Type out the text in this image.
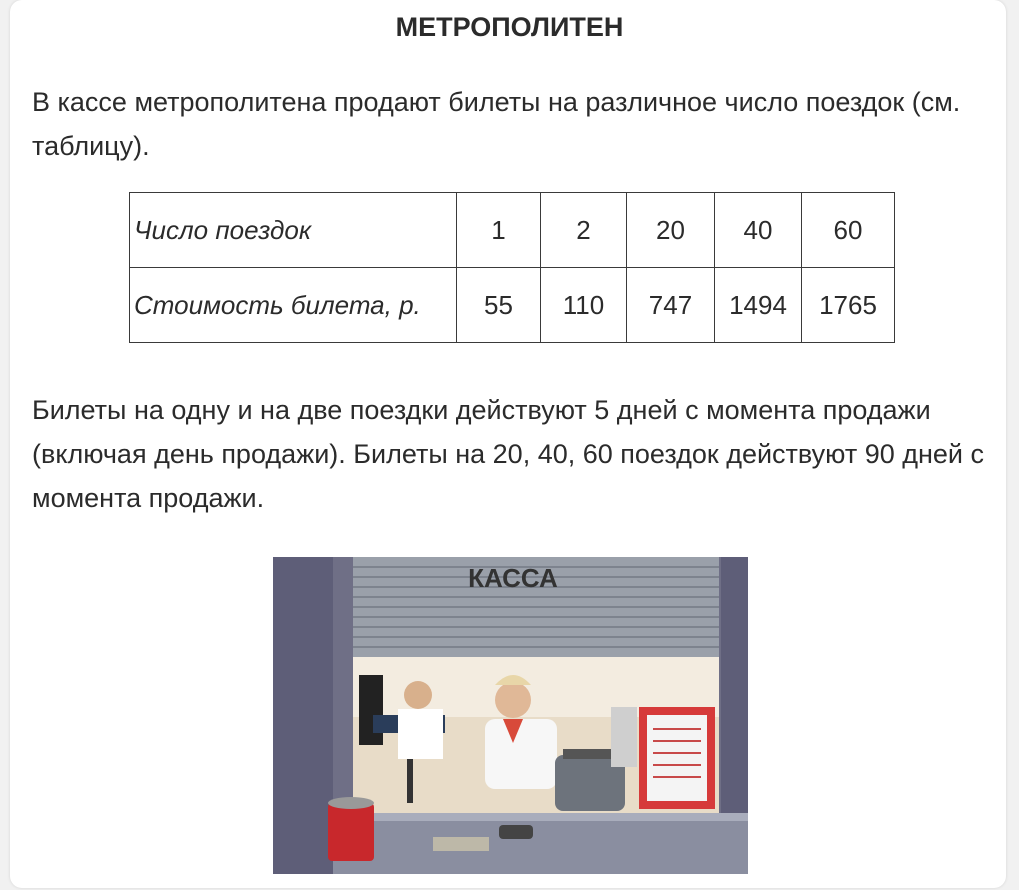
МЕТРОПОЛИТЕН
В кассе метрополитена продают билеты на различное число поездок (см. таблицу).
Число поездок	1	2	20	40	60
Стоимость билета, р.	55	110	747	1494	1765
Билеты на одну и на две поездки действуют 5 дней с момента продажи (включая день продажи). Билеты на 20, 40, 60 поездок действуют 90 дней с момента продажи.
КАССА
